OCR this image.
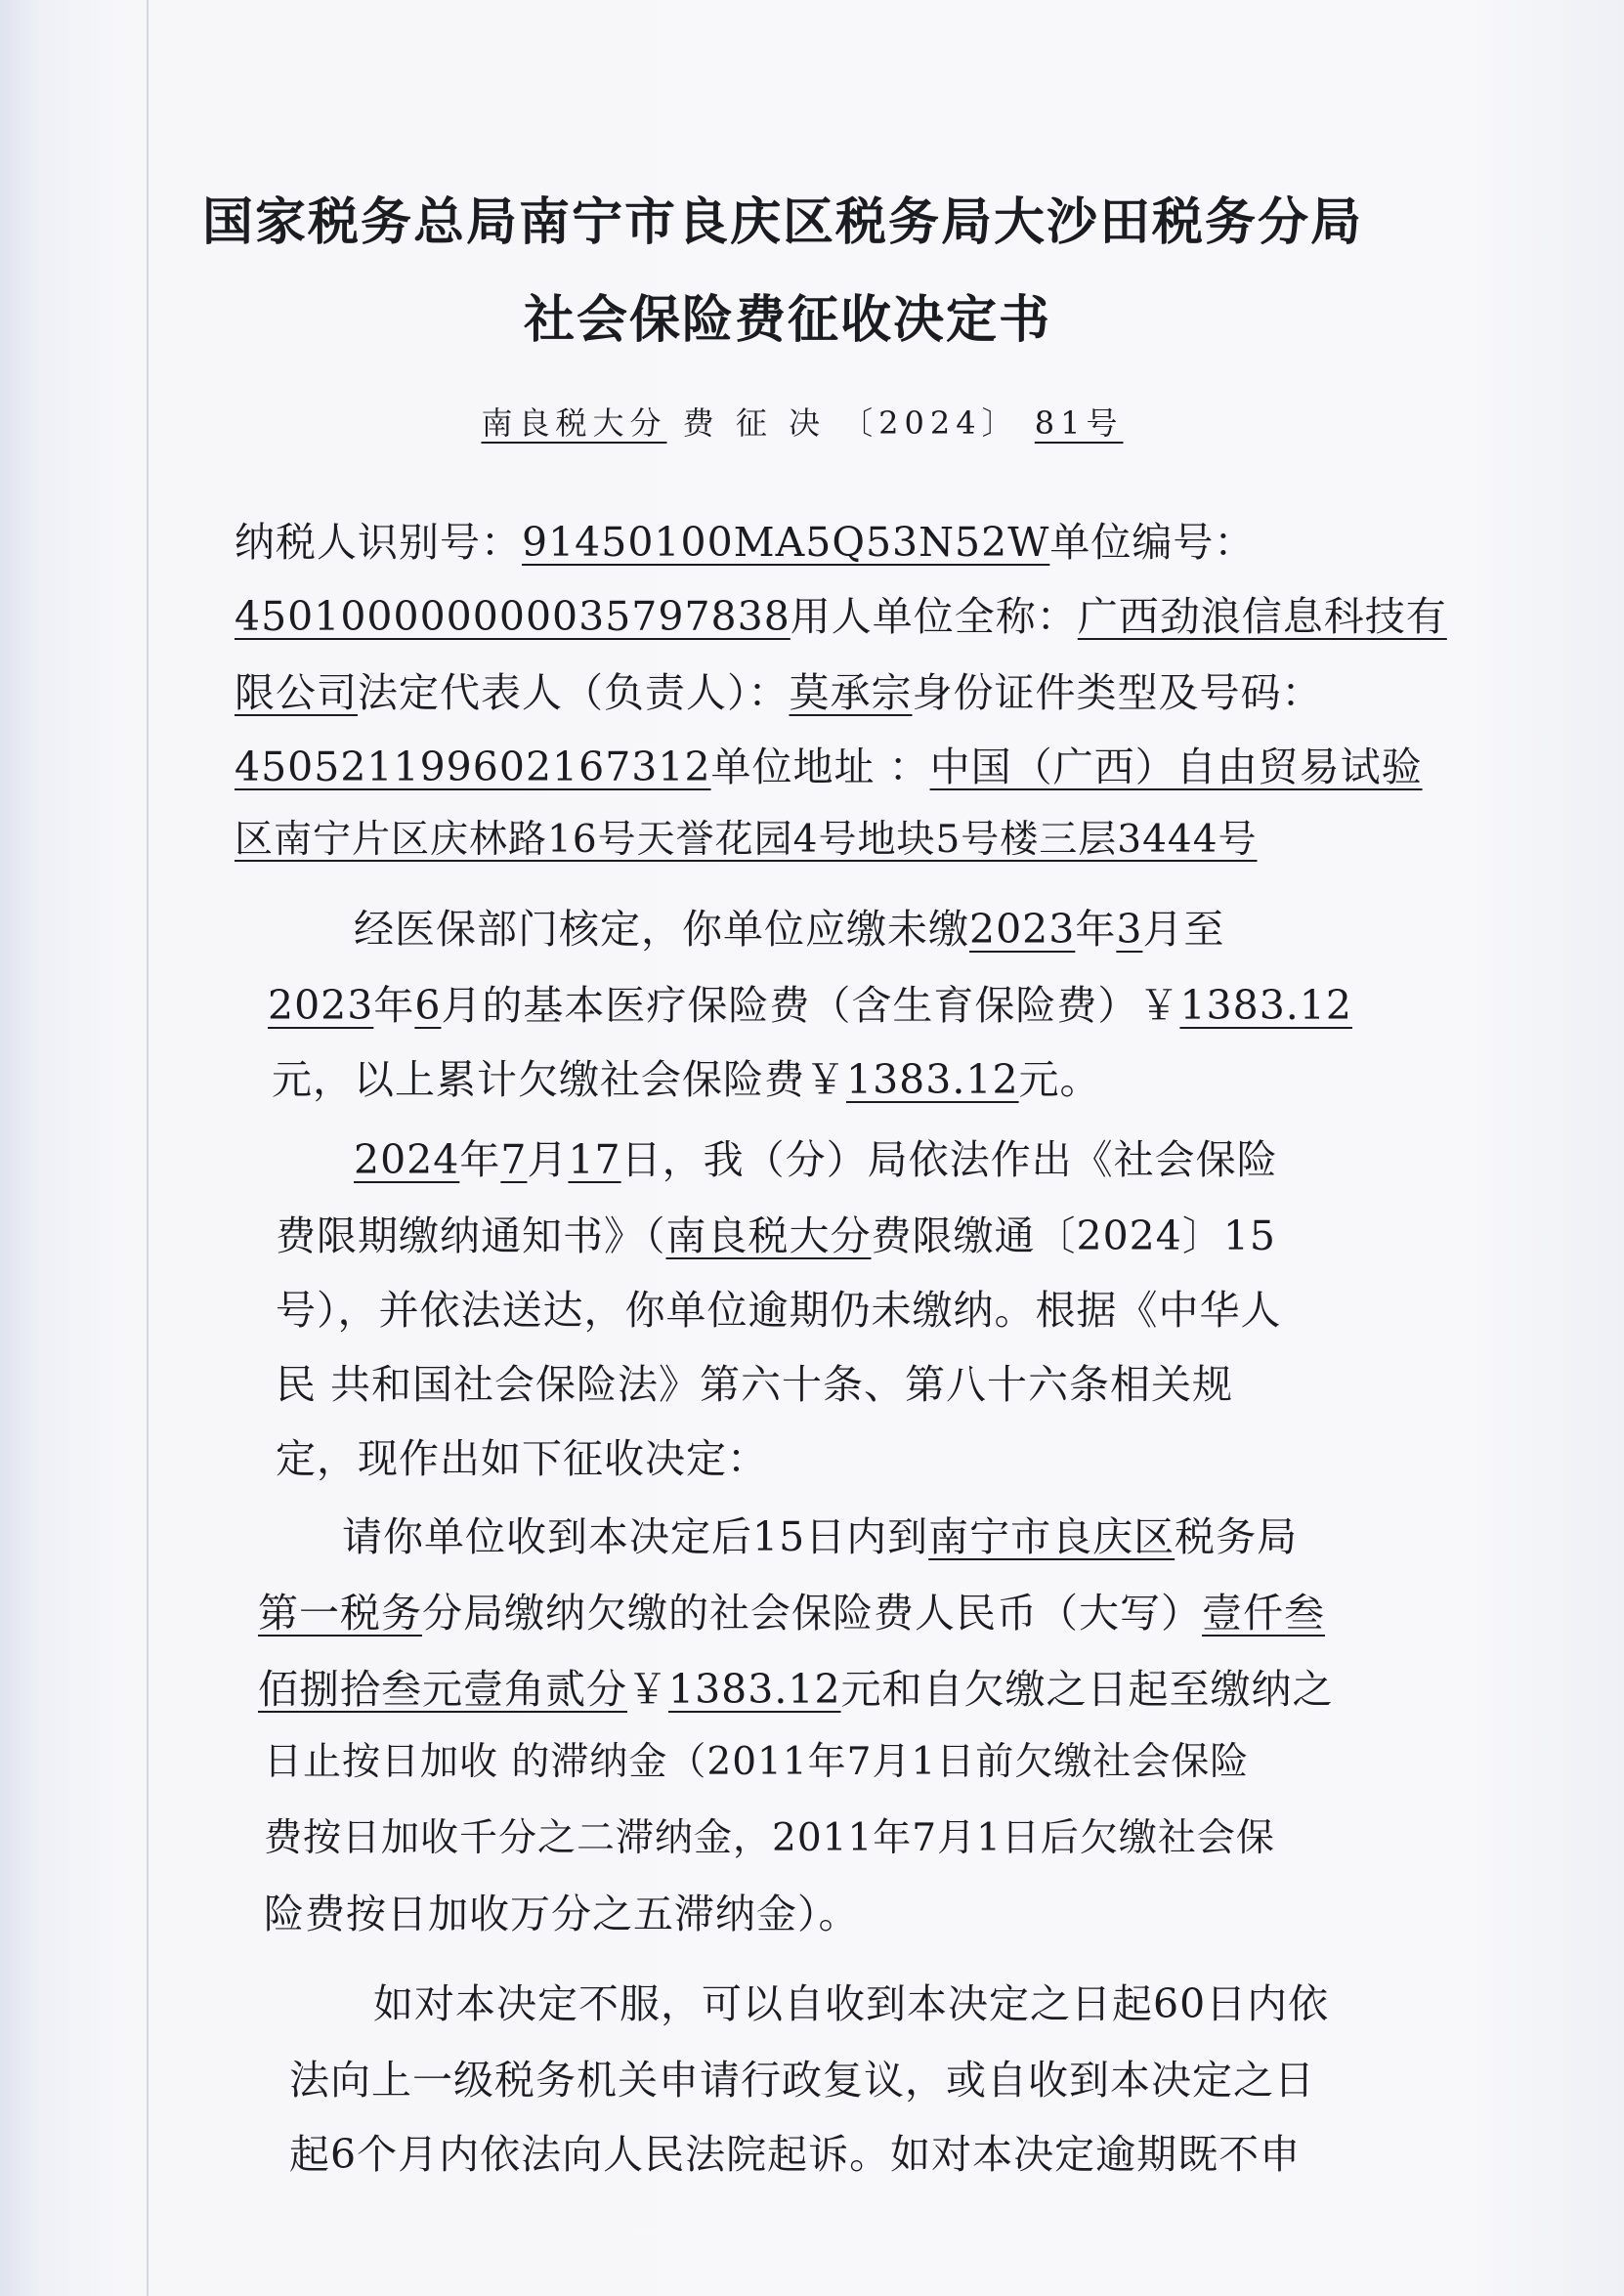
国家税务总局南宁市良庆区税务局大沙田税务分局
社会保险费征收决定书
南良税大分 费 征 决 〔2024〕 81号
纳税人识别号：91450100MA5Q53N52W单位编号：
450100000000035797838用人单位全称：广西劲浪信息科技有
限公司法定代表人（负责人）：莫承宗身份证件类型及号码：
450521199602167312单位地址 ：中国（广西）自由贸易试验
区南宁片区庆林路16号天誉花园4号地块5号楼三层3444号
经医保部门核定，你单位应缴未缴2023年3月至
2023年6月的基本医疗保险费（含生育保险费）￥1383.12
元，以上累计欠缴社会保险费￥1383.12元。
2024年7月17日，我（分）局依法作出《社会保险
费限期缴纳通知书》（南良税大分费限缴通〔2024〕15
号），并依法送达，你单位逾期仍未缴纳。根据《中华人
民 共和国社会保险法》第六十条、第八十六条相关规
定，现作出如下征收决定：
请你单位收到本决定后15日内到南宁市良庆区税务局
第一税务分局缴纳欠缴的社会保险费人民币（大写）壹仟叁
佰捌拾叁元壹角贰分￥1383.12元和自欠缴之日起至缴纳之
日止按日加收 的滞纳金（2011年7月1日前欠缴社会保险
费按日加收千分之二滞纳金，2011年7月1日后欠缴社会保
险费按日加收万分之五滞纳金）。
如对本决定不服，可以自收到本决定之日起60日内依
法向上一级税务机关申请行政复议，或自收到本决定之日
起6个月内依法向人民法院起诉。如对本决定逾期既不申
